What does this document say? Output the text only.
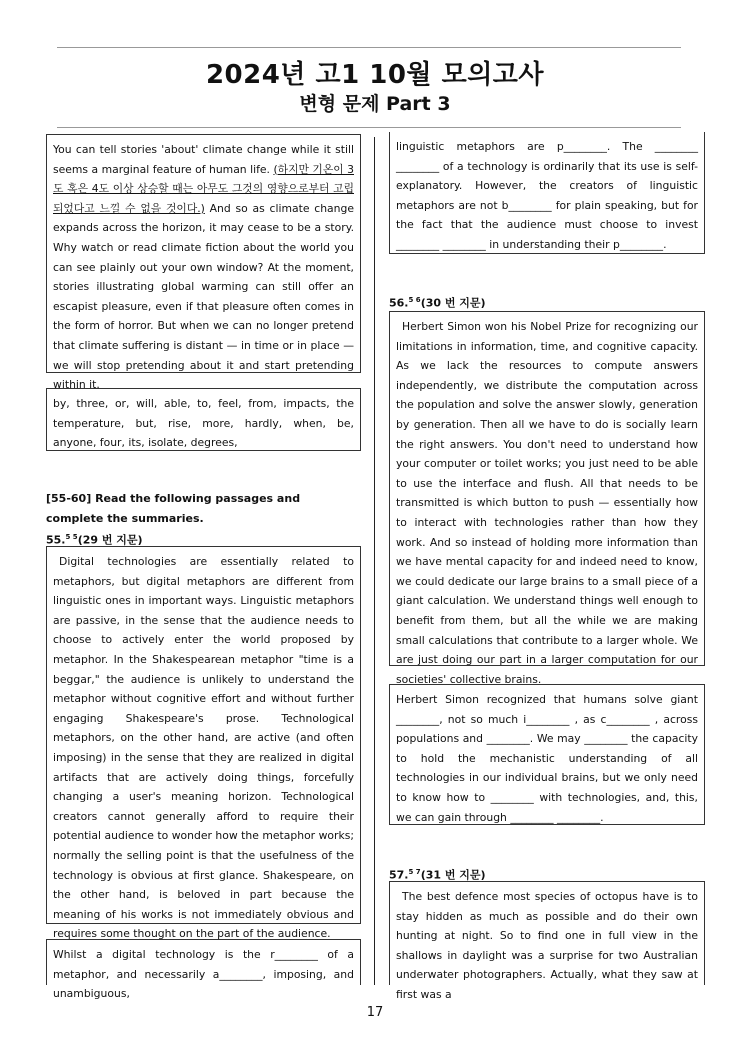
2024년 고1 10월 모의고사
변형 문제 Part 3

You can tell stories 'about' climate change while it still seems a marginal feature of human life. (하지만 기온이 3도 혹은 4도 이상 상승할 때는 아무도 그것의 영향으로부터 고립되었다고 느낄 수 없을 것이다.) And so as climate change expands across the horizon, it may cease to be a story. Why watch or read climate fiction about the world you can see plainly out your own window? At the moment, stories illustrating global warming can still offer an escapist pleasure, even if that pleasure often comes in the form of horror. But when we can no longer pretend that climate suffering is distant — in time or in place — we will stop pretending about it and start pretending within it.

by, three, or, will, able, to, feel, from, impacts, the temperature, but, rise, more, hardly, when, be, anyone, four, its, isolate, degrees,

[55-60] Read the following passages and complete the summaries.
55.$^{5 5}$(29 번 지문)

Digital technologies are essentially related to metaphors, but digital metaphors are different from linguistic ones in important ways. Linguistic metaphors are passive, in the sense that the audience needs to choose to actively enter the world proposed by metaphor. In the Shakespearean metaphor "time is a beggar," the audience is unlikely to understand the metaphor without cognitive effort and without further engaging Shakespeare's prose. Technological metaphors, on the other hand, are active (and often imposing) in the sense that they are realized in digital artifacts that are actively doing things, forcefully changing a user's meaning horizon. Technological creators cannot generally afford to require their potential audience to wonder how the metaphor works; normally the selling point is that the usefulness of the technology is obvious at first glance. Shakespeare, on the other hand, is beloved in part because the meaning of his works is not immediately obvious and requires some thought on the part of the audience.

Whilst a digital technology is the r________ of a metaphor, and necessarily a________, imposing, and unambiguous,

linguistic metaphors are p________. The ________ ________ of a technology is ordinarily that its use is self-explanatory. However, the creators of linguistic metaphors are not b________ for plain speaking, but for the fact that the audience must choose to invest ________ ________ in understanding their p________.

56.$^{5 6}$(30 번 지문)

Herbert Simon won his Nobel Prize for recognizing our limitations in information, time, and cognitive capacity. As we lack the resources to compute answers independently, we distribute the computation across the population and solve the answer slowly, generation by generation. Then all we have to do is socially learn the right answers. You don't need to understand how your computer or toilet works; you just need to be able to use the interface and flush. All that needs to be transmitted is which button to push — essentially how to interact with technologies rather than how they work. And so instead of holding more information than we have mental capacity for and indeed need to know, we could dedicate our large brains to a small piece of a giant calculation. We understand things well enough to benefit from them, but all the while we are making small calculations that contribute to a larger whole. We are just doing our part in a larger computation for our societies' collective brains.

Herbert Simon recognized that humans solve giant ________, not so much i________ , as c________ , across populations and ________. We may ________ the capacity to hold the mechanistic understanding of all technologies in our individual brains, but we only need to know how to ________ with technologies, and, this, we can gain through ________ ________.

57.$^{5 7}$(31 번 지문)

The best defence most species of octopus have is to stay hidden as much as possible and do their own hunting at night. So to find one in full view in the shallows in daylight was a surprise for two Australian underwater photographers. Actually, what they saw at first was a

17
